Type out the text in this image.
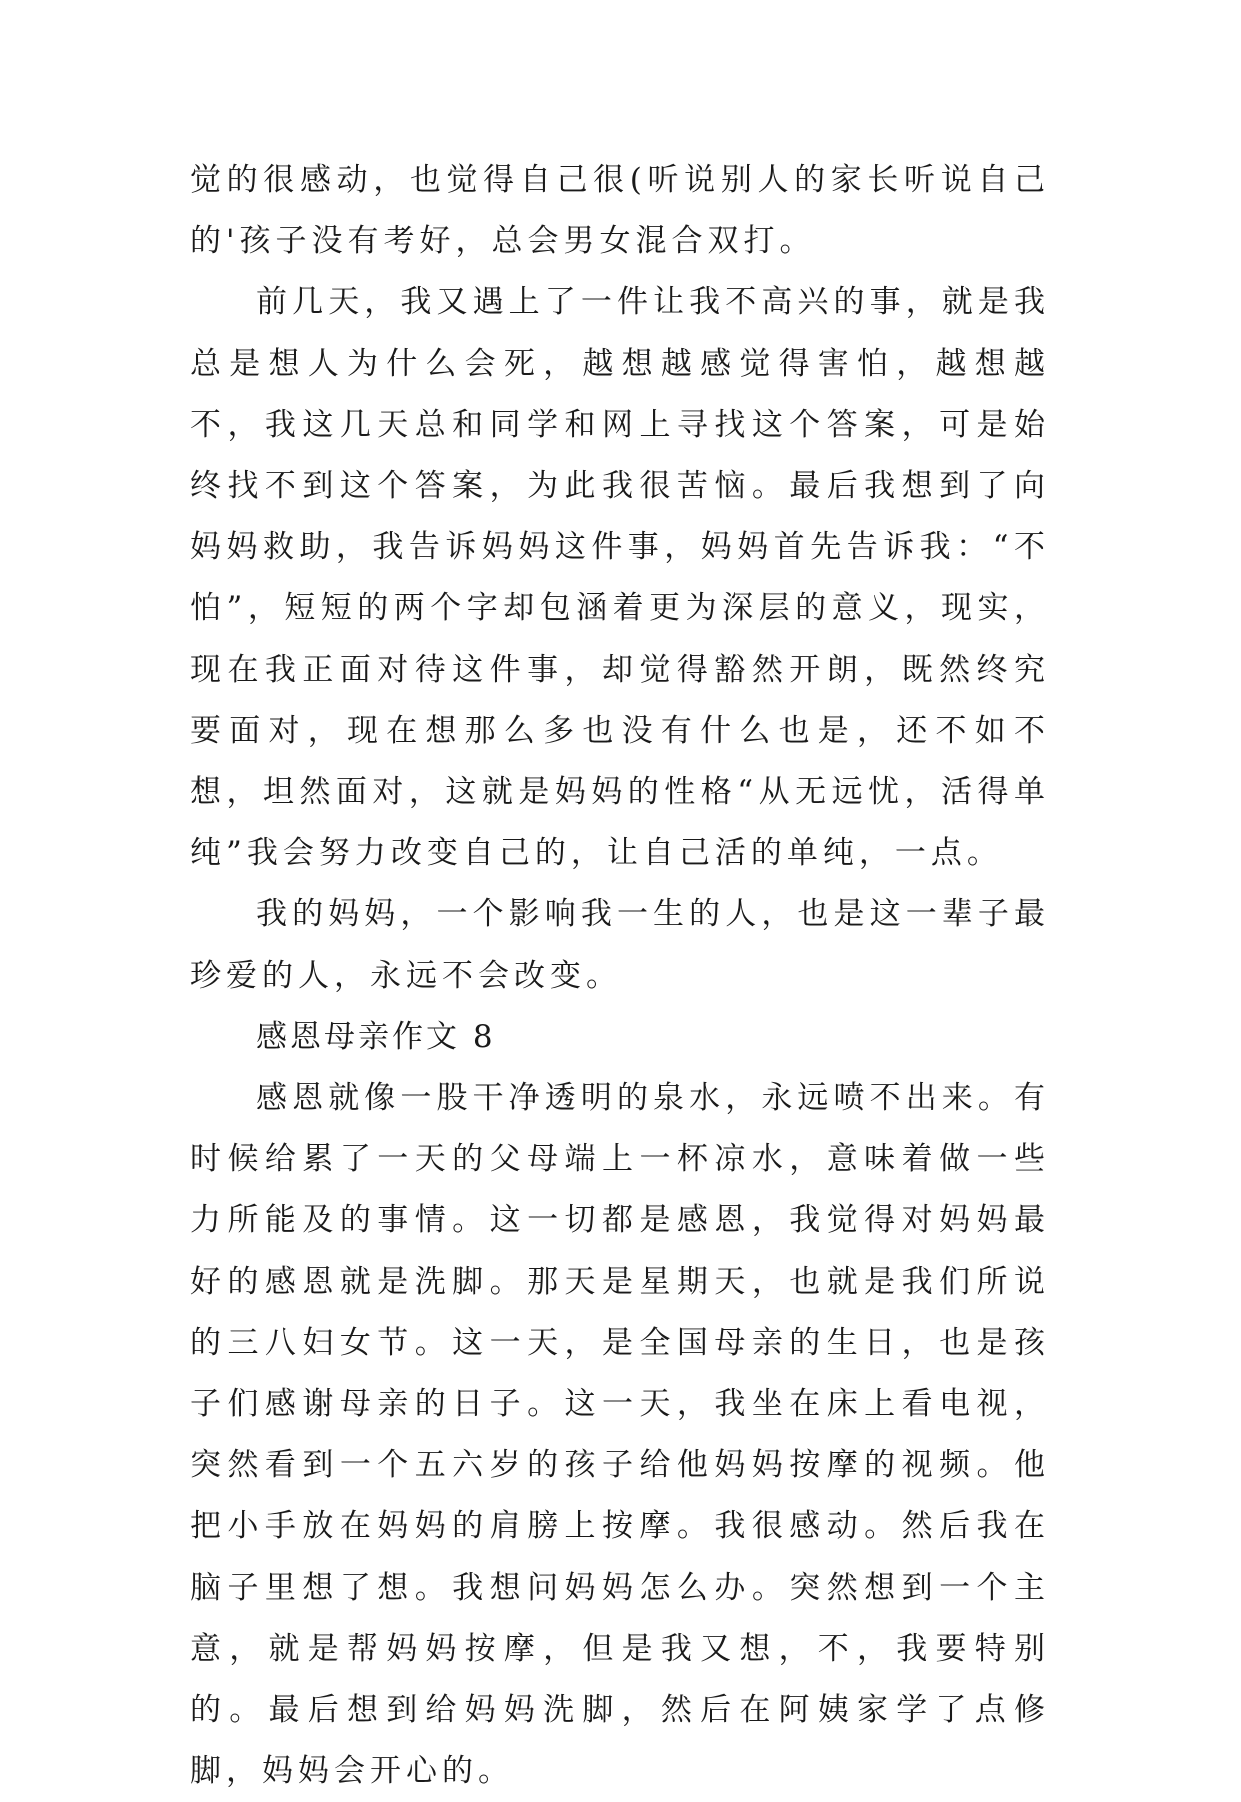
觉的很感动，也觉得自己很(听说别人的家长听说自己的'孩子没有考好，总会男女混合双打。

前几天，我又遇上了一件让我不高兴的事，就是我总是想人为什么会死，越想越感觉得害怕，越想越不，我这几天总和同学和网上寻找这个答案，可是始终找不到这个答案，为此我很苦恼。最后我想到了向妈妈救助，我告诉妈妈这件事，妈妈首先告诉我：“不怕”，短短的两个字却包涵着更为深层的意义，现实，现在我正面对待这件事，却觉得豁然开朗，既然终究要面对，现在想那么多也没有什么也是，还不如不想，坦然面对，这就是妈妈的性格“从无远忧，活得单纯”我会努力改变自己的，让自己活的单纯，一点。

我的妈妈，一个影响我一生的人，也是这一辈子最珍爱的人，永远不会改变。

感恩母亲作文 8

感恩就像一股干净透明的泉水，永远喷不出来。有时候给累了一天的父母端上一杯凉水，意味着做一些力所能及的事情。这一切都是感恩，我觉得对妈妈最好的感恩就是洗脚。那天是星期天，也就是我们所说的三八妇女节。这一天，是全国母亲的生日，也是孩子们感谢母亲的日子。这一天，我坐在床上看电视，突然看到一个五六岁的孩子给他妈妈按摩的视频。他把小手放在妈妈的肩膀上按摩。我很感动。然后我在脑子里想了想。我想问妈妈怎么办。突然想到一个主意，就是帮妈妈按摩，但是我又想，不，我要特别的。最后想到给妈妈洗脚，然后在阿姨家学了点修脚，妈妈会开心的。
